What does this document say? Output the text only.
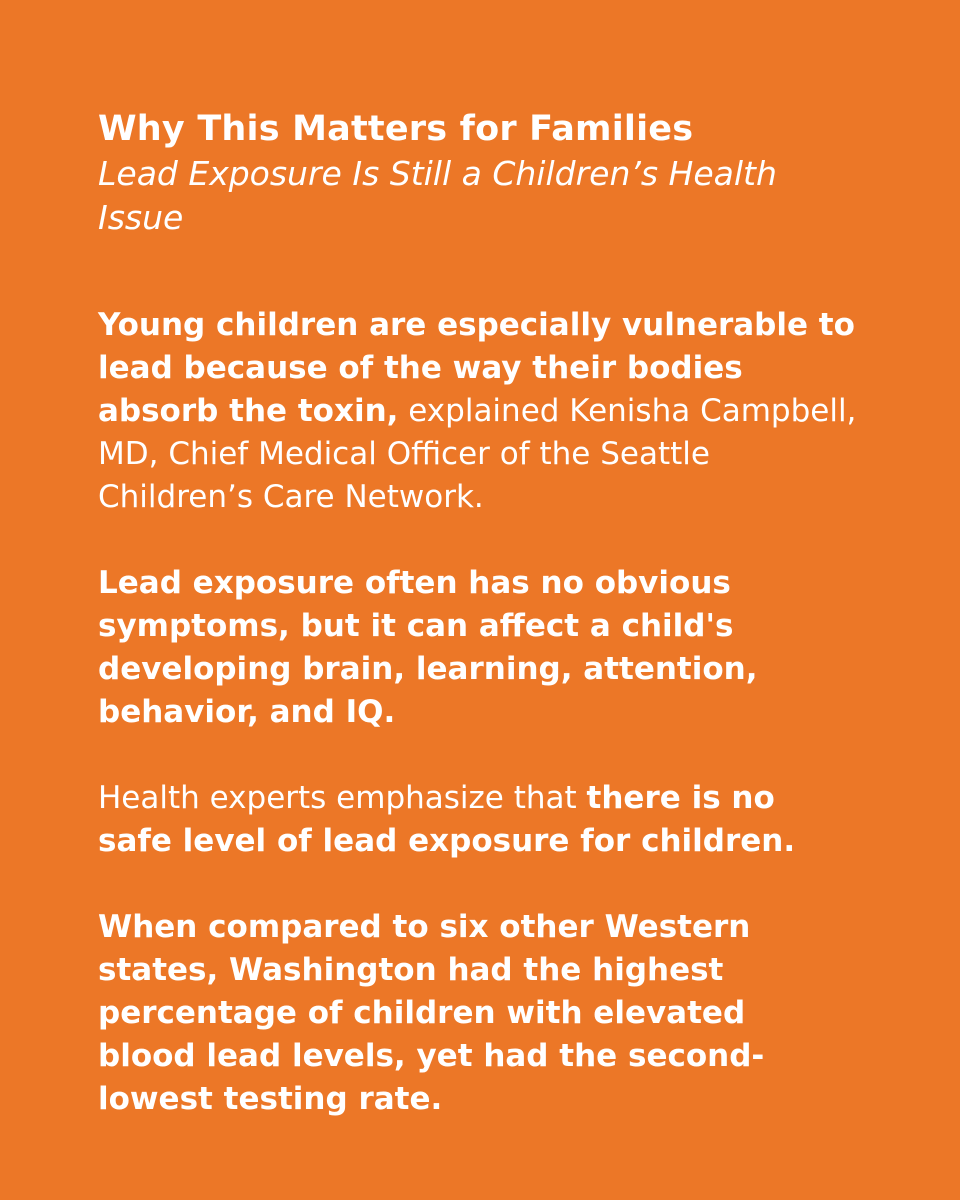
Why This Matters for Families
Lead Exposure Is Still a Children’s Health Issue

Young children are especially vulnerable to lead because of the way their bodies absorb the toxin, explained Kenisha Campbell, MD, Chief Medical Officer of the Seattle Children’s Care Network.

Lead exposure often has no obvious symptoms, but it can affect a child's developing brain, learning, attention, behavior, and IQ.

Health experts emphasize that there is no safe level of lead exposure for children.

When compared to six other Western states, Washington had the highest percentage of children with elevated blood lead levels, yet had the second-lowest testing rate.
